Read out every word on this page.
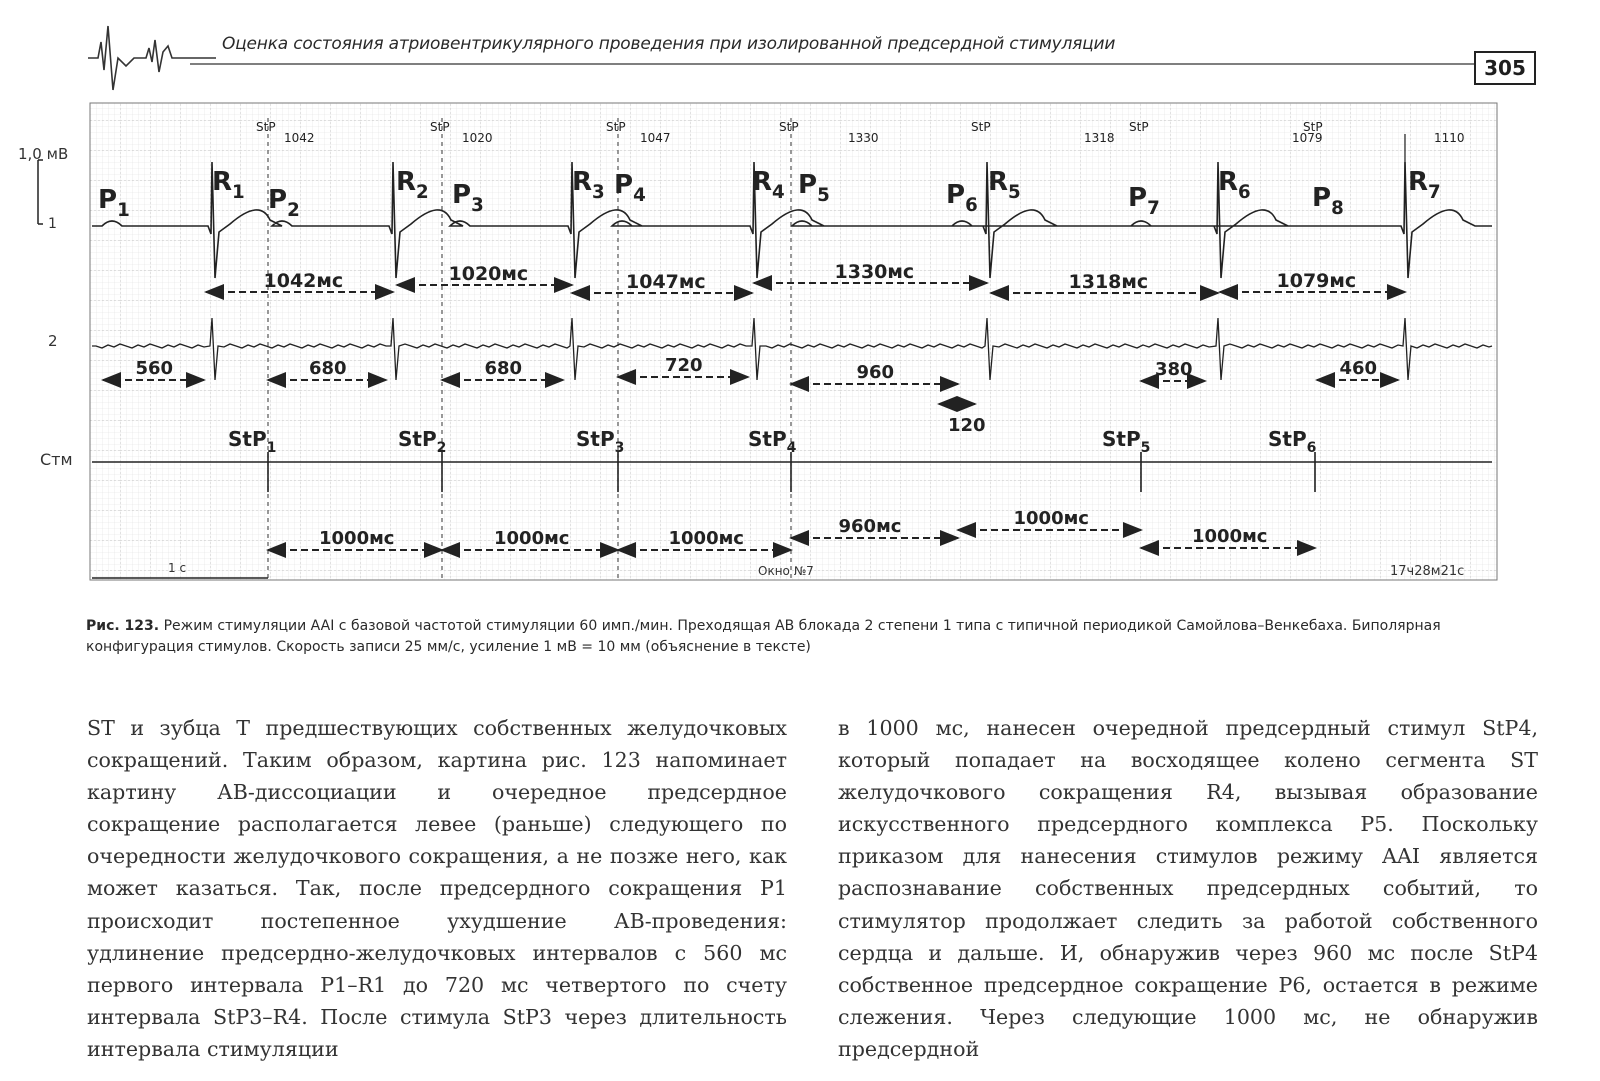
Оценка состояния атриовентрикулярного проведения при изолированной предсердной стимуляции
305
1,0 мВ
1
2
Стм
StP	StP	StP	StP	StP	StP	StP
1042	1020	1047	1330	1318	1079	1110
$P_1$	$P_2$
$P_3$
$P_4$	$P_5$	$P_6$	$P_7$	$P_8$
$R_1$	$R_2$	$R_3$	$R_4$	$R_5$	$R_6$	$R_7$
1042мс	1020мс	1047мс	1330мс	1318мс	1079мс
560	680	680	720	960	380	460
120
StP$_1$	StP$_2$	StP$_3$	StP$_4$	StP$_5$	StP$_6$
1000мс	1000мс	1000мс
960мс	1000мс
1000мс
1 с	Окно №7	17ч28м21с
Рис. 123. Режим стимуляции AAI с базовой частотой стимуляции 60 имп./мин. Преходящая АВ блокада 2 степени 1 типа с типичной периодикой Самойлова–Венкебаха. Биполярная конфигурация стимулов. Скорость записи 25 мм/с, усиление 1 мВ = 10 мм (объяснение в тексте)

ST и зубца T предшествующих собственных желудочковых сокращений. Таким образом, картина рис. 123 напоминает картину АВ-диссоциации и очередное предсердное сокращение располагается левее (раньше) следующего по очередности желудочкового сокращения, а не позже него, как может казаться. Так, после предсердного сокращения P1 происходит постепенное ухудшение АВ-проведения: удлинение предсердно-желудочковых интервалов с 560 мс первого интервала P1–R1 до 720 мс четвертого по счету интервала StP3–R4. После стимула StP3 через длительность интервала стимуляции

в 1000 мс, нанесен очередной предсердный стимул StP4, который попадает на восходящее колено сегмента ST желудочкового сокращения R4, вызывая образование искусственного предсердного комплекса P5. Поскольку приказом для нанесения стимулов режиму AAI является распознавание собственных предсердных событий, то стимулятор продолжает следить за работой собственного сердца и дальше. И, обнаружив через 960 мс после StP4 собственное предсердное сокращение P6, остается в режиме слежения. Через следующие 1000 мс, не обнаружив предсердной
